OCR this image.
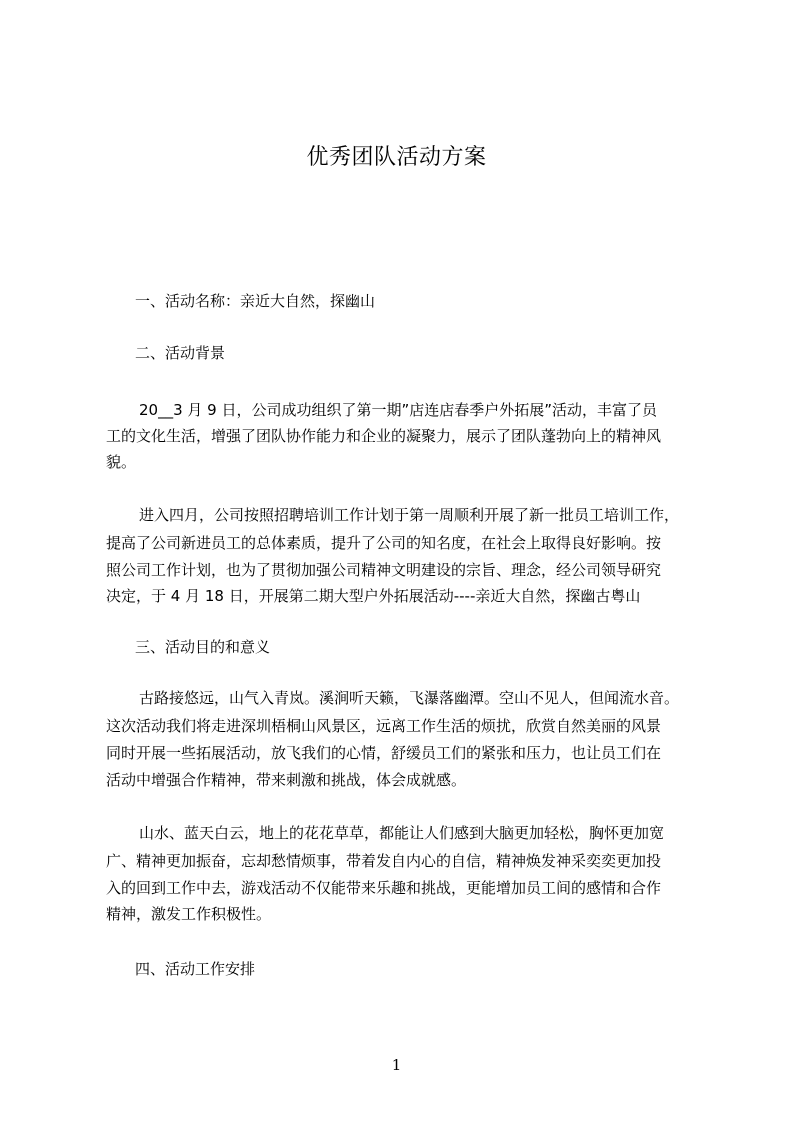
优秀团队活动方案
一、活动名称：亲近大自然，探幽山
二、活动背景
20__3 月 9 日，公司成功组织了第一期”店连店春季户外拓展”活动，丰富了员
工的文化生活，增强了团队协作能力和企业的凝聚力，展示了团队蓬勃向上的精神风
貌。
进入四月，公司按照招聘培训工作计划于第一周顺利开展了新一批员工培训工作，
提高了公司新进员工的总体素质，提升了公司的知名度，在社会上取得良好影响。按
照公司工作计划，也为了贯彻加强公司精神文明建设的宗旨、理念，经公司领导研究
决定，于 4 月 18 日，开展第二期大型户外拓展活动----亲近大自然，探幽古粤山
三、活动目的和意义
古路接悠远，山气入青岚。溪涧听天籁，飞瀑落幽潭。空山不见人，但闻流水音。
这次活动我们将走进深圳梧桐山风景区，远离工作生活的烦扰，欣赏自然美丽的风景
同时开展一些拓展活动，放飞我们的心情，舒缓员工们的紧张和压力，也让员工们在
活动中增强合作精神，带来刺激和挑战，体会成就感。
山水、蓝天白云，地上的花花草草，都能让人们感到大脑更加轻松，胸怀更加宽
广、精神更加振奋，忘却愁情烦事，带着发自内心的自信，精神焕发神采奕奕更加投
入的回到工作中去，游戏活动不仅能带来乐趣和挑战，更能增加员工间的感情和合作
精神，激发工作积极性。
四、活动工作安排
1
